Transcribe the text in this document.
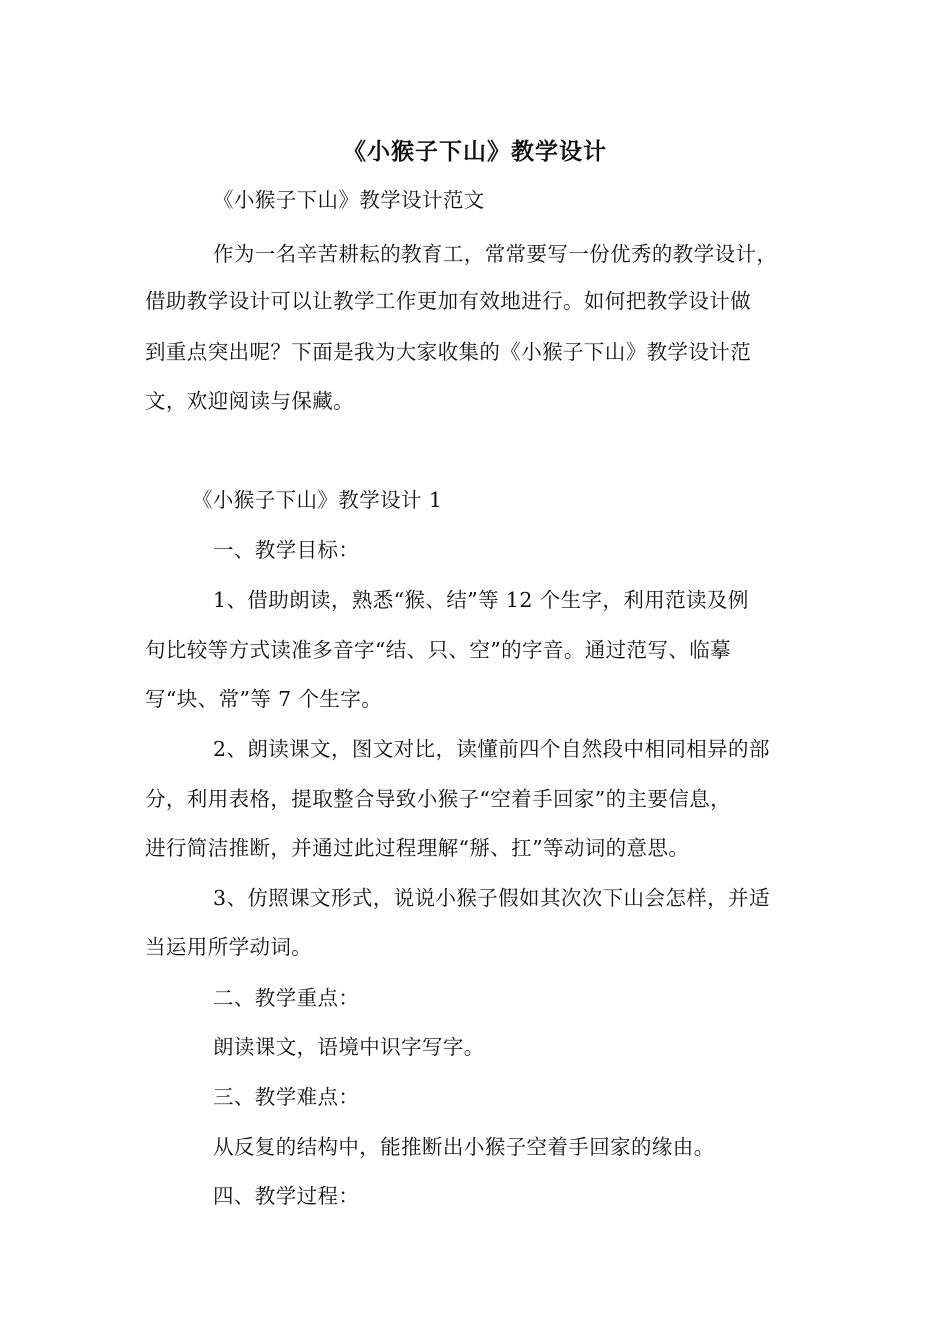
《小猴子下山》教学设计
《小猴子下山》教学设计范文
作为一名辛苦耕耘的教育工，常常要写一份优秀的教学设计，
借助教学设计可以让教学工作更加有效地进行。如何把教学设计做
到重点突出呢？下面是我为大家收集的《小猴子下山》教学设计范
文，欢迎阅读与保藏。
《小猴子下山》教学设计 1
一、教学目标：
1、借助朗读，熟悉“猴、结”等 12 个生字，利用范读及例
句比较等方式读准多音字“结、只、空”的字音。通过范写、临摹
写“块、常”等 7 个生字。
2、朗读课文，图文对比，读懂前四个自然段中相同相异的部
分，利用表格，提取整合导致小猴子“空着手回家”的主要信息，
进行简洁推断，并通过此过程理解“掰、扛”等动词的意思。
3、仿照课文形式，说说小猴子假如其次次下山会怎样，并适
当运用所学动词。
二、教学重点：
朗读课文，语境中识字写字。
三、教学难点：
从反复的结构中，能推断出小猴子空着手回家的缘由。
四、教学过程：
